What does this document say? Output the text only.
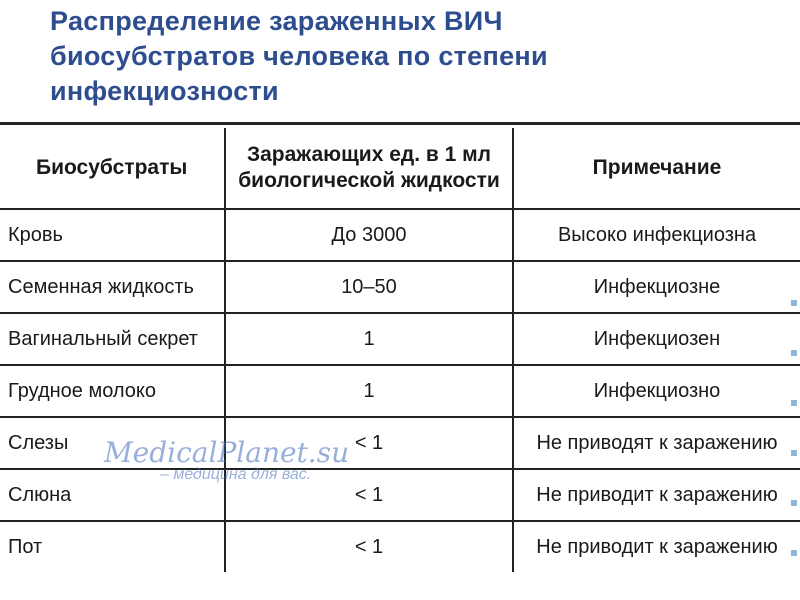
Распределение зараженных ВИЧ биосубстратов человека по степени инфекциозности
Биосубстраты	Заражающих ед. в 1 мл биологической жидкости	Примечание
Кровь	До 3000	Высоко инфекциозна
Семенная жидкость	10–50	Инфекциозне
Вагинальный секрет	1	Инфекциозен
Грудное молоко	1	Инфекциозно
Слезы	< 1	Не приводят к заражению
Слюна	< 1	Не приводит к заражению
Пот	< 1	Не приводит к заражению
MedicalPlanet.su
– медицина для вас.
